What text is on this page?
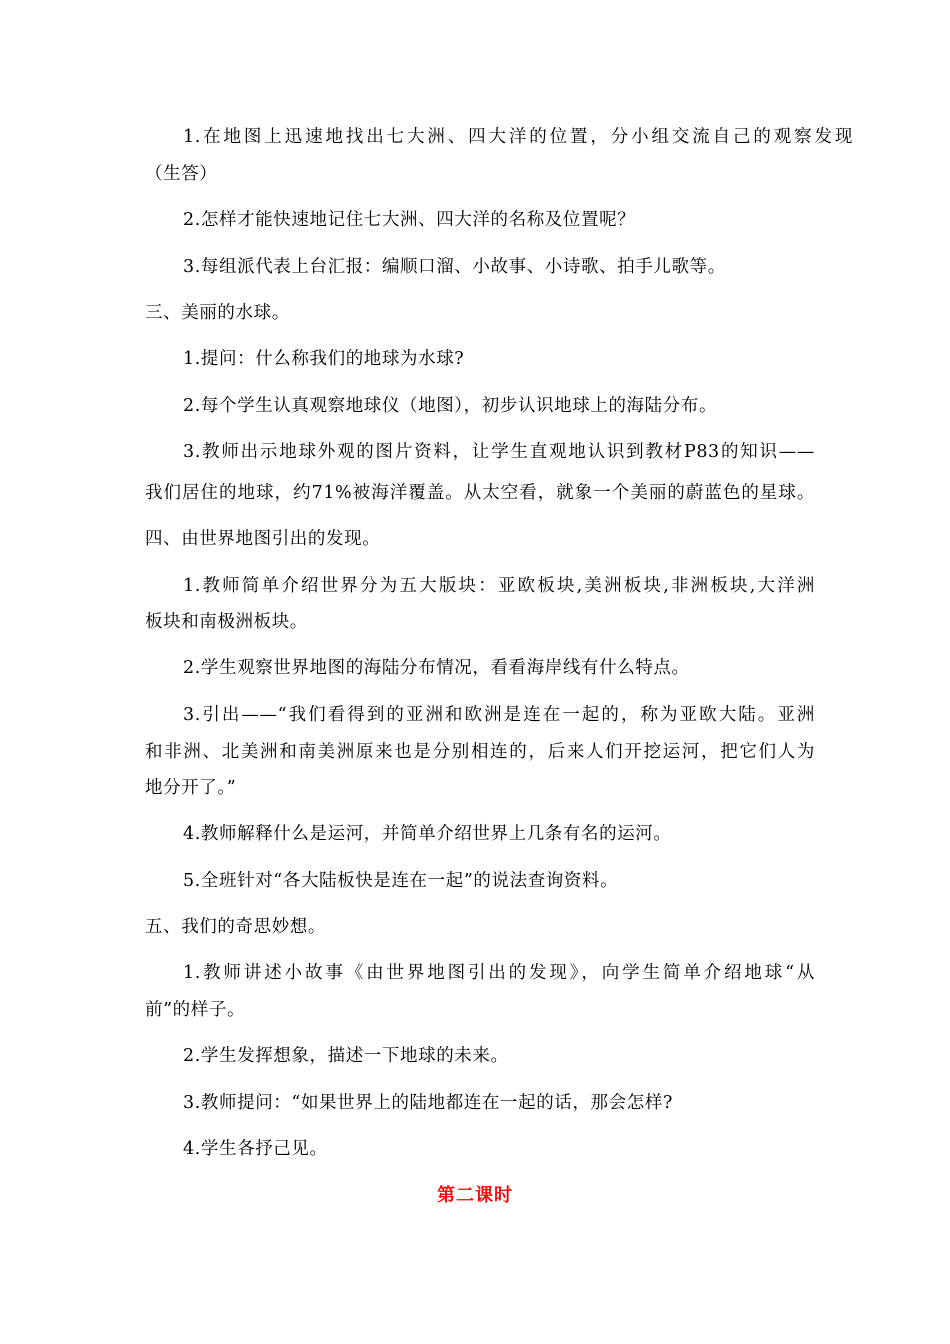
1.在地图上迅速地找出七大洲、四大洋的位置，分小组交流自己的观察发现
（生答）
2.怎样才能快速地记住七大洲、四大洋的名称及位置呢？
3.每组派代表上台汇报：编顺口溜、小故事、小诗歌、拍手儿歌等。
三、美丽的水球。
1.提问：什么称我们的地球为水球?
2.每个学生认真观察地球仪（地图），初步认识地球上的海陆分布。
3.教师出示地球外观的图片资料，让学生直观地认识到教材P83的知识——
我们居住的地球，约71%被海洋覆盖。从太空看，就象一个美丽的蔚蓝色的星球。
四、由世界地图引出的发现。
1.教师简单介绍世界分为五大版块：亚欧板块,美洲板块,非洲板块,大洋洲
板块和南极洲板块。
2.学生观察世界地图的海陆分布情况，看看海岸线有什么特点。
3.引出——“我们看得到的亚洲和欧洲是连在一起的，称为亚欧大陆。亚洲
和非洲、北美洲和南美洲原来也是分别相连的，后来人们开挖运河，把它们人为
地分开了。”
4.教师解释什么是运河，并简单介绍世界上几条有名的运河。
5.全班针对“各大陆板快是连在一起”的说法查询资料。
五、我们的奇思妙想。
1.教师讲述小故事《由世界地图引出的发现》，向学生简单介绍地球“从
前”的样子。
2.学生发挥想象，描述一下地球的未来。
3.教师提问：“如果世界上的陆地都连在一起的话，那会怎样?
4.学生各抒己见。
第二课时
